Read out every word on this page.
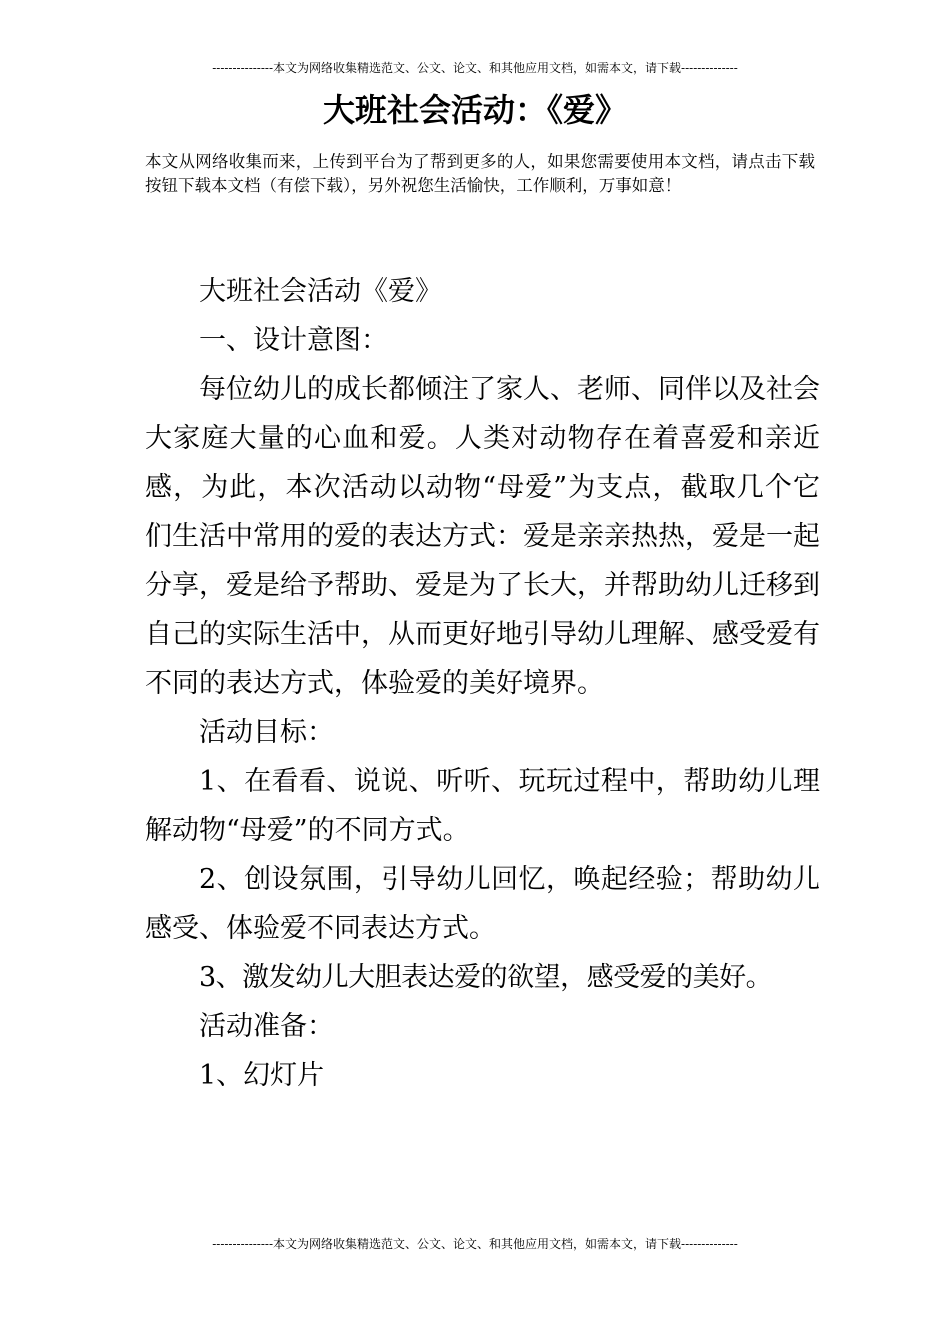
---------------本文为网络收集精选范文、公文、论文、和其他应用文档，如需本文，请下载--------------
大班社会活动：《爱》
本文从网络收集而来，上传到平台为了帮到更多的人，如果您需要使用本文档，请点击下载按钮下载本文档（有偿下载），另外祝您生活愉快，工作顺利，万事如意！

大班社会活动《爱》

一、设计意图：

每位幼儿的成长都倾注了家人、老师、同伴以及社会大家庭大量的心血和爱。人类对动物存在着喜爱和亲近感，为此，本次活动以动物“母爱”为支点，截取几个它们生活中常用的爱的表达方式：爱是亲亲热热，爱是一起分享，爱是给予帮助、爱是为了长大，并帮助幼儿迁移到自己的实际生活中，从而更好地引导幼儿理解、感受爱有不同的表达方式，体验爱的美好境界。

活动目标：

1、在看看、说说、听听、玩玩过程中，帮助幼儿理解动物“母爱”的不同方式。

2、创设氛围，引导幼儿回忆，唤起经验；帮助幼儿感受、体验爱不同表达方式。

3、激发幼儿大胆表达爱的欲望，感受爱的美好。

活动准备：

1、幻灯片

---------------本文为网络收集精选范文、公文、论文、和其他应用文档，如需本文，请下载--------------
